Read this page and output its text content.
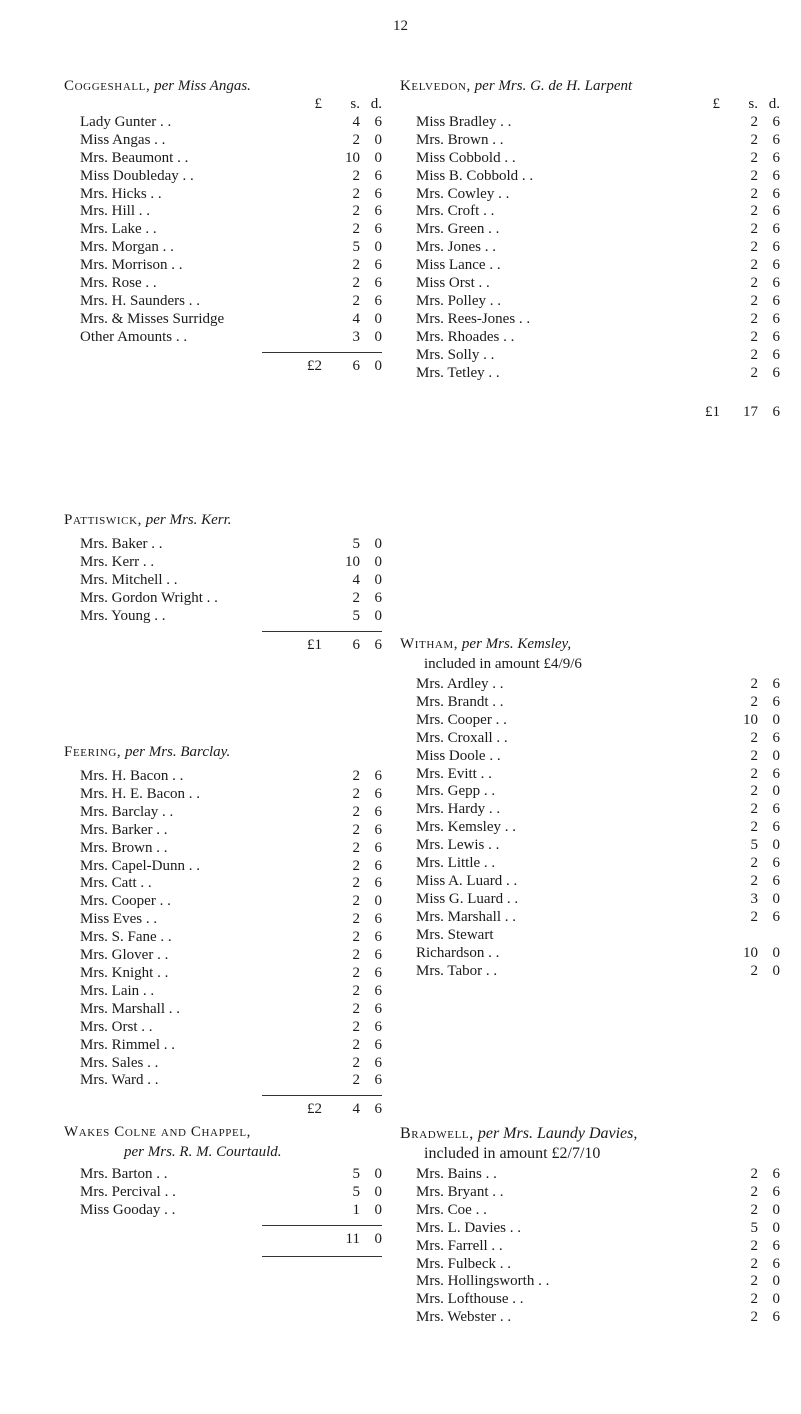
12
Coggeshall, per Miss Angas.
£	s. d.
Lady Gunter . .	4 6
Miss Angas . .	2 0
Mrs. Beaumont . .	10 0
Miss Doubleday . .	2 6
Mrs. Hicks . .	2 6
Mrs. Hill . .	2 6
Mrs. Lake . .	2 6
Mrs. Morgan . .	5 0
Mrs. Morrison . .	2 6
Mrs. Rose . .	2 6
Mrs. H. Saunders . .	2 6
Mrs. & Misses Surridge	4 0
Other Amounts . .	3 0
£2	6 0
Pattiswick, per Mrs. Kerr.
Mrs. Baker . .	5 0
Mrs. Kerr . .	10 0
Mrs. Mitchell . .	4 0
Mrs. Gordon Wright . .	2 6
Mrs. Young . .	5 0
£1	6 6
Feering, per Mrs. Barclay.
Mrs. H. Bacon . .	2 6
Mrs. H. E. Bacon . .	2 6
Mrs. Barclay . .	2 6
Mrs. Barker . .	2 6
Mrs. Brown . .	2 6
Mrs. Capel-Dunn . .	2 6
Mrs. Catt . .	2 6
Mrs. Cooper . .	2 0
Miss Eves . .	2 6
Mrs. S. Fane . .	2 6
Mrs. Glover . .	2 6
Mrs. Knight . .	2 6
Mrs. Lain . .	2 6
Mrs. Marshall . .	2 6
Mrs. Orst . .	2 6
Mrs. Rimmel . .	2 6
Mrs. Sales . .	2 6
Mrs. Ward . .	2 6
£2	4 6
Wakes Colne and Chappel,
per Mrs. R. M. Courtauld.
Mrs. Barton . .	5 0
Mrs. Percival . .	5 0
Miss Gooday . .	1 0
11 0
Kelvedon, per Mrs. G. de H. Larpent
£	s. d.
Miss Bradley . .	2 6
Mrs. Brown . .	2 6
Miss Cobbold . .	2 6
Miss B. Cobbold . .	2 6
Mrs. Cowley . .	2 6
Mrs. Croft . .	2 6
Mrs. Green . .	2 6
Mrs. Jones . .	2 6
Miss Lance . .	2 6
Miss Orst . .	2 6
Mrs. Polley . .	2 6
Mrs. Rees-Jones . .	2 6
Mrs. Rhoades . .	2 6
Mrs. Solly . .	2 6
Mrs. Tetley . .	2 6
£1	17 6
Witham, per Mrs. Kemsley,
included in amount £4/9/6
Mrs. Ardley . .	2 6
Mrs. Brandt . .	2 6
Mrs. Cooper . .	10 0
Mrs. Croxall . .	2 6
Miss Doole . .	2 0
Mrs. Evitt . .	2 6
Mrs. Gepp . .	2 0
Mrs. Hardy . .	2 6
Mrs. Kemsley . .	2 6
Mrs. Lewis . .	5 0
Mrs. Little . .	2 6
Miss A. Luard . .	2 6
Miss G. Luard . .	3 0
Mrs. Marshall . .	2 6
Mrs. Stewart
Richardson . .	10 0
Mrs. Tabor . .	2 0
Bradwell, per Mrs. Laundy Davies,
included in amount £2/7/10
Mrs. Bains . .	2 6
Mrs. Bryant . .	2 6
Mrs. Coe . .	2 0
Mrs. L. Davies . .	5 0
Mrs. Farrell . .	2 6
Mrs. Fulbeck . .	2 6
Mrs. Hollingsworth . .	2 0
Mrs. Lofthouse . .	2 0
Mrs. Webster . .	2 6
